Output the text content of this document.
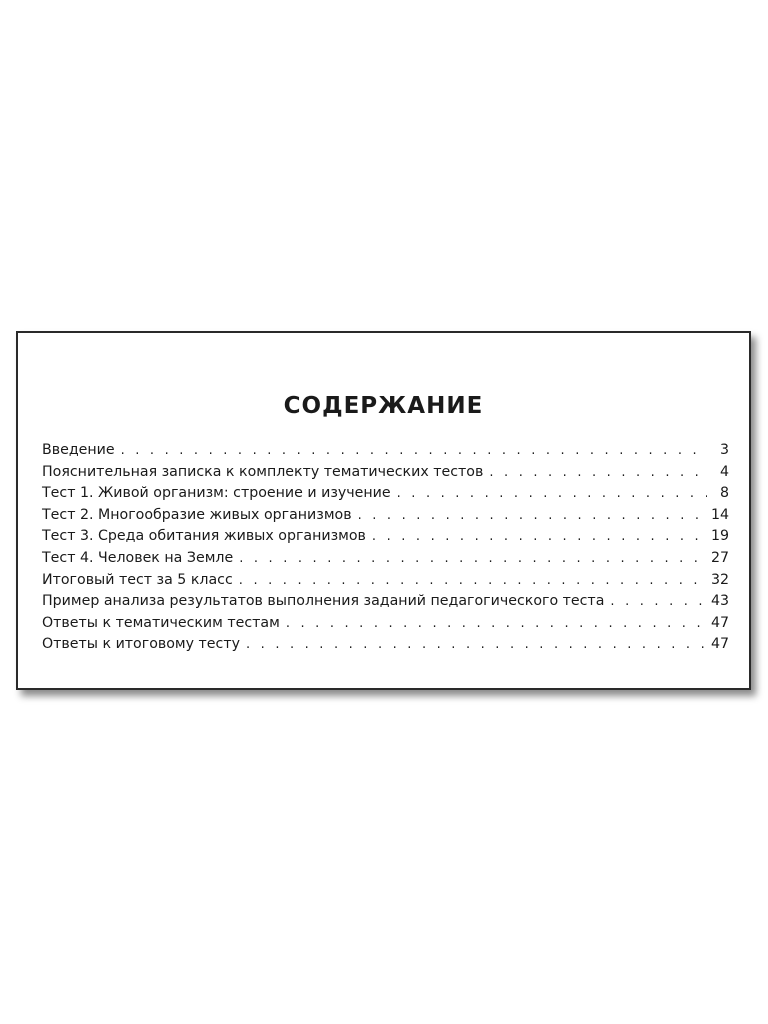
СОДЕРЖАНИЕ
Введение . . .	3
Пояснительная записка к комплекту тематических тестов . . .	4
Тест 1. Живой организм: строение и изучение . . .	8
Тест 2. Многообразие живых организмов . . .	14
Тест 3. Среда обитания живых организмов . . .	19
Тест 4. Человек на Земле . . .	27
Итоговый тест за 5 класс . . .	32
Пример анализа результатов выполнения заданий педагогического теста . . .	43
Ответы к тематическим тестам . . .	47
Ответы к итоговому тесту . . .	47
